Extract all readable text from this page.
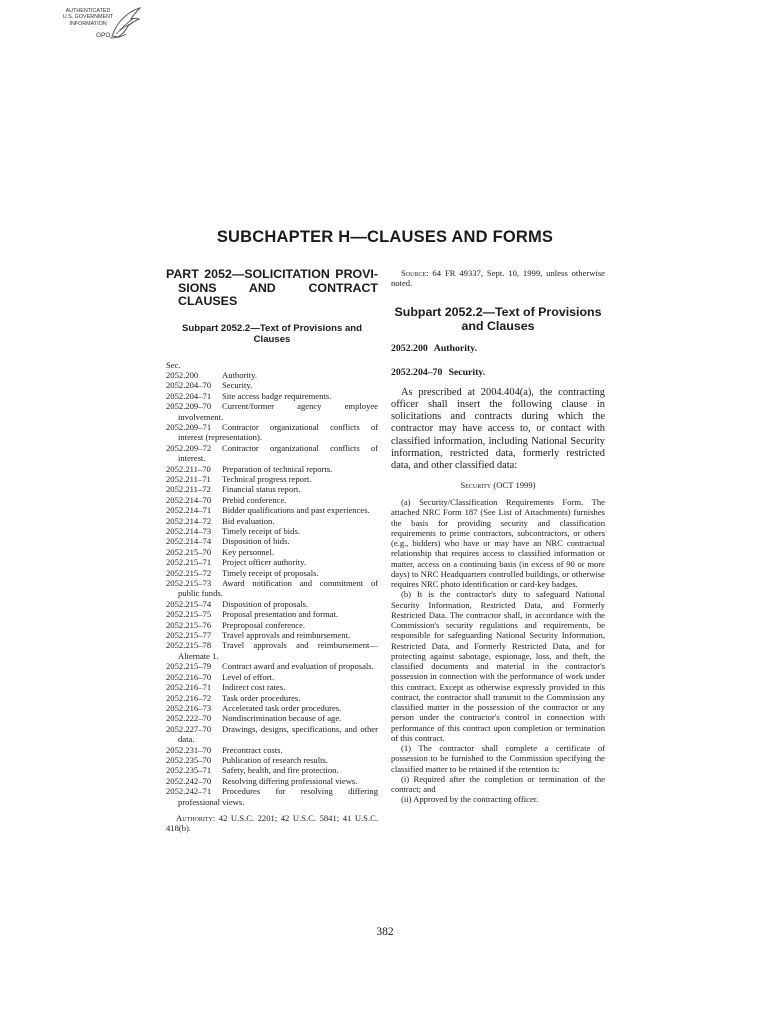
AUTHENTICATED
U.S. GOVERNMENT
INFORMATION
GPO
SUBCHAPTER H—CLAUSES AND FORMS
PART 2052—SOLICITATION PROVI- SIONS AND CONTRACT CLAUSES
Subpart 2052.2—Text of Provisions and Clauses
Sec.
2052.200	Authority.
2052.204–70 Security.
2052.204–71 Site access badge requirements.
2052.209–70 Current/former agency employee involvement.
2052.209–71 Contractor organizational conflicts of interest (representation).
2052.209–72 Contractor organizational conflicts of interest.
2052.211–70 Preparation of technical reports.
2052.211–71 Technical progress report.
2052.211–72 Financial status report.
2052.214–70 Prebid conference.
2052.214–71 Bidder qualifications and past experiences.
2052.214–72 Bid evaluation.
2052.214–73 Timely receipt of bids.
2052.214–74 Disposition of bids.
2052.215–70 Key personnel.
2052.215–71 Project officer authority.
2052.215–72 Timely receipt of proposals.
2052.215–73 Award notification and commitment of public funds.
2052.215–74 Disposition of proposals.
2052.215–75 Proposal presentation and format.
2052.215–76 Preproposal conference.
2052.215–77 Travel approvals and reimbursement.
2052.215–78 Travel approvals and reimbursement—Alternate 1.
2052.215–79 Contract award and evaluation of proposals.
2052.216–70 Level of effort.
2052.216–71 Indirect cost rates.
2052.216–72 Task order procedures.
2052.216–73 Accelerated task order procedures.
2052.222–70 Nondiscrimination because of age.
2052.227–70 Drawings, designs, specifications, and other data.
2052.231–70 Precontract costs.
2052.235–70 Publication of research results.
2052.235–71 Safety, health, and fire protection.
2052.242–70 Resolving differing professional views.
2052.242–71 Procedures for resolving differing professional views.
Authority: 42 U.S.C. 2201; 42 U.S.C. 5841; 41 U.S.C. 418(b).

Source: 64 FR 49337, Sept. 10, 1999, unless otherwise noted.

Subpart 2052.2—Text of Provisions and Clauses
2052.200 Authority.
2052.204–70 Security.

As prescribed at 2004.404(a), the contracting officer shall insert the following clause in solicitations and contracts during which the contractor may have access to, or contact with classified information, including National Security information, restricted data, formerly restricted data, and other classified data:

Security (OCT 1999)

(a) Security/Classification Requirements Form. The attached NRC Form 187 (See List of Attachments) furnishes the basis for providing security and classification requirements to prime contractors, subcontractors, or others (e.g., bidders) who have or may have an NRC contractual relationship that requires access to classified information or matter, access on a continuing basis (in excess of 90 or more days) to NRC Headquarters controlled buildings, or otherwise requires NRC photo identification or card-key badges.

(b) It is the contractor's duty to safeguard National Security Information, Restricted Data, and Formerly Restricted Data. The contractor shall, in accordance with the Commission's security regulations and requirements, be responsible for safeguarding National Security Information, Restricted Data, and Formerly Restricted Data, and for protecting against sabotage, espionage, loss, and theft, the classified documents and material in the contractor's possession in connection with the performance of work under this contract. Except as otherwise expressly provided in this contract, the contractor shall transmit to the Commission any classified matter in the possession of the contractor or any person under the contractor's control in connection with performance of this contract upon completion or termination of this contract.

(1) The contractor shall complete a certificate of possession to be furnished to the Commission specifying the classified matter to be retained if the retention is:

(i) Required after the completion or termination of the contract; and

(ii) Approved by the contracting officer.

382
